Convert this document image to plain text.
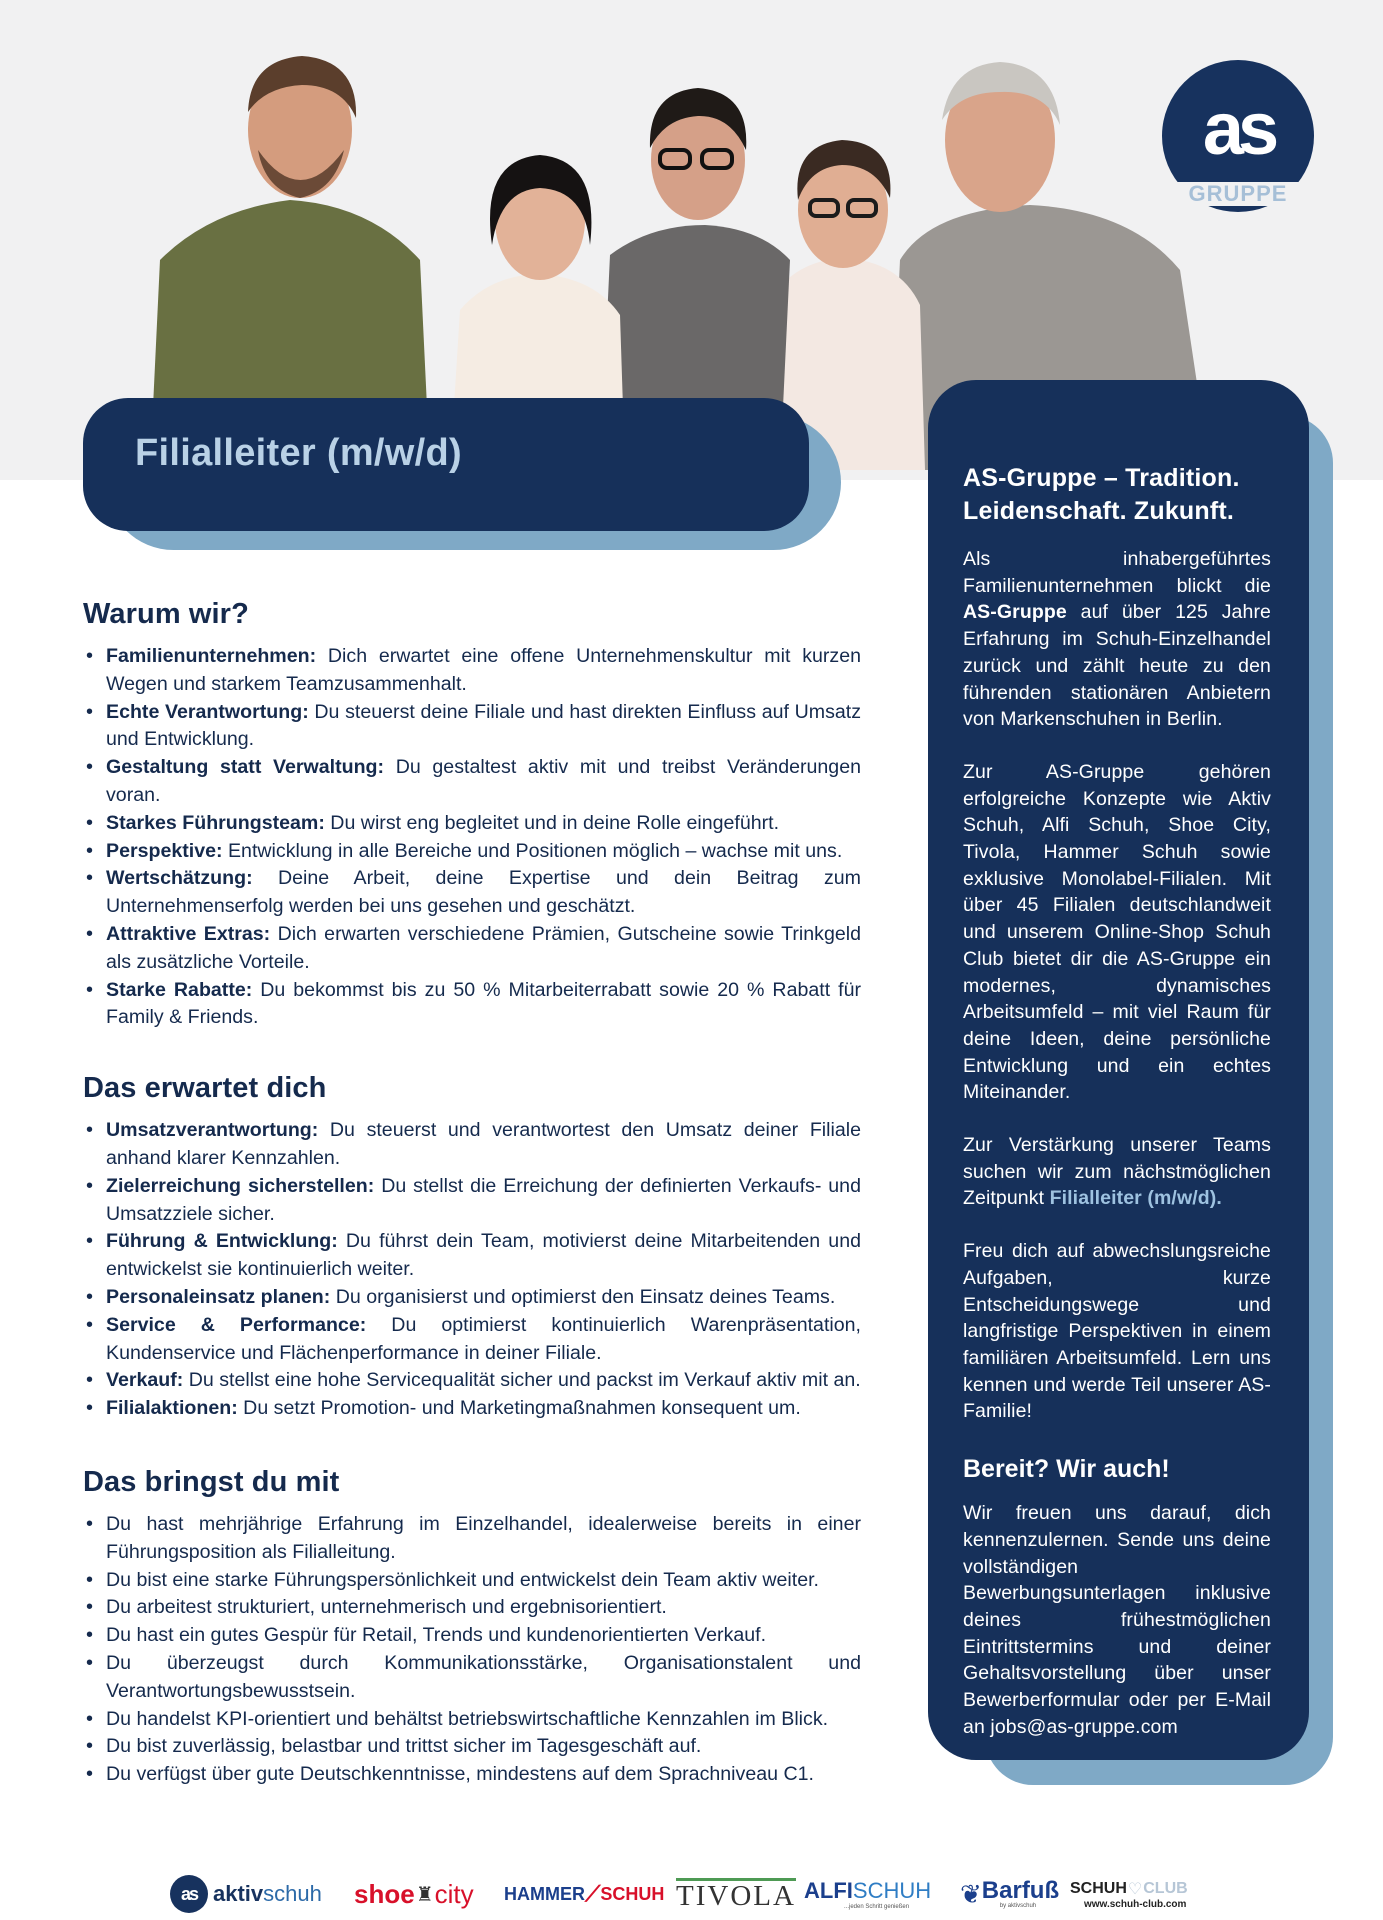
as
GRUPPE
Filialleiter (m/w/d)
AS-Gruppe – Tradition. Leidenschaft. Zukunft.

Als inhabergeführtes Familienunternehmen blickt die AS-Gruppe auf über 125 Jahre Erfahrung im Schuh-Einzelhandel zurück und zählt heute zu den führenden stationären Anbietern von Markenschuhen in Berlin.

Zur AS-Gruppe gehören erfolgreiche Konzepte wie Aktiv Schuh, Alfi Schuh, Shoe City, Tivola, Hammer Schuh sowie exklusive Monolabel-Filialen. Mit über 45 Filialen deutschlandweit und unserem Online-Shop Schuh Club bietet dir die AS-Gruppe ein modernes, dynamisches Arbeitsumfeld – mit viel Raum für deine Ideen, deine persönliche Entwicklung und ein echtes Miteinander.

Zur Verstärkung unserer Teams suchen wir zum nächstmöglichen Zeitpunkt Filialleiter (m/w/d).

Freu dich auf abwechslungsreiche Aufgaben, kurze Entscheidungswege und langfristige Perspektiven in einem familiären Arbeitsumfeld. Lern uns kennen und werde Teil unserer AS-Familie!

Bereit? Wir auch!

Wir freuen uns darauf, dich kennenzulernen. Sende uns deine vollständigen Bewerbungsunterlagen inklusive deines frühestmöglichen Eintrittstermins und deiner Gehaltsvorstellung über unser Bewerberformular oder per E-Mail an jobs@as-gruppe.com

Warum wir?
• Familienunternehmen: Dich erwartet eine offene Unternehmenskultur mit kurzen Wegen und starkem Teamzusammenhalt.
• Echte Verantwortung: Du steuerst deine Filiale und hast direkten Einfluss auf Umsatz und Entwicklung.
• Gestaltung statt Verwaltung: Du gestaltest aktiv mit und treibst Veränderungen voran.
• Starkes Führungsteam: Du wirst eng begleitet und in deine Rolle eingeführt.
• Perspektive: Entwicklung in alle Bereiche und Positionen möglich – wachse mit uns.
• Wertschätzung: Deine Arbeit, deine Expertise und dein Beitrag zum Unternehmenserfolg werden bei uns gesehen und geschätzt.
• Attraktive Extras: Dich erwarten verschiedene Prämien, Gutscheine sowie Trinkgeld als zusätzliche Vorteile.
• Starke Rabatte: Du bekommst bis zu 50 % Mitarbeiterrabatt sowie 20 % Rabatt für Family & Friends.
Das erwartet dich
• Umsatzverantwortung: Du steuerst und verantwortest den Umsatz deiner Filiale anhand klarer Kennzahlen.
• Zielerreichung sicherstellen: Du stellst die Erreichung der definierten Verkaufs- und Umsatzziele sicher.
• Führung & Entwicklung: Du führst dein Team, motivierst deine Mitarbeitenden und entwickelst sie kontinuierlich weiter.
• Personaleinsatz planen: Du organisierst und optimierst den Einsatz deines Teams.
• Service & Performance: Du optimierst kontinuierlich Warenpräsentation, Kundenservice und Flächenperformance in deiner Filiale.
• Verkauf: Du stellst eine hohe Servicequalität sicher und packst im Verkauf aktiv mit an.
• Filialaktionen: Du setzt Promotion- und Marketingmaßnahmen konsequent um.
Das bringst du mit
• Du hast mehrjährige Erfahrung im Einzelhandel, idealerweise bereits in einer Führungsposition als Filialleitung.
• Du bist eine starke Führungspersönlichkeit und entwickelst dein Team aktiv weiter.
• Du arbeitest strukturiert, unternehmerisch und ergebnisorientiert.
• Du hast ein gutes Gespür für Retail, Trends und kundenorientierten Verkauf.
• Du überzeugst durch Kommunikationsstärke, Organisationstalent und Verantwortungsbewusstsein.
• Du handelst KPI-orientiert und behältst betriebswirtschaftliche Kennzahlen im Blick.
• Du bist zuverlässig, belastbar und trittst sicher im Tagesgeschäft auf.
• Du verfügst über gute Deutschkenntnisse, mindestens auf dem Sprachniveau C1.
as aktiv schuh shoe ♜ city HAMMER ⟋ SCHUH TIVOLA ALFI SCHUH
...jeden Schritt genießen ❦ Barfuß
by aktivschuh
SCHUH ♡ CLUB
www.schuh-club.com
